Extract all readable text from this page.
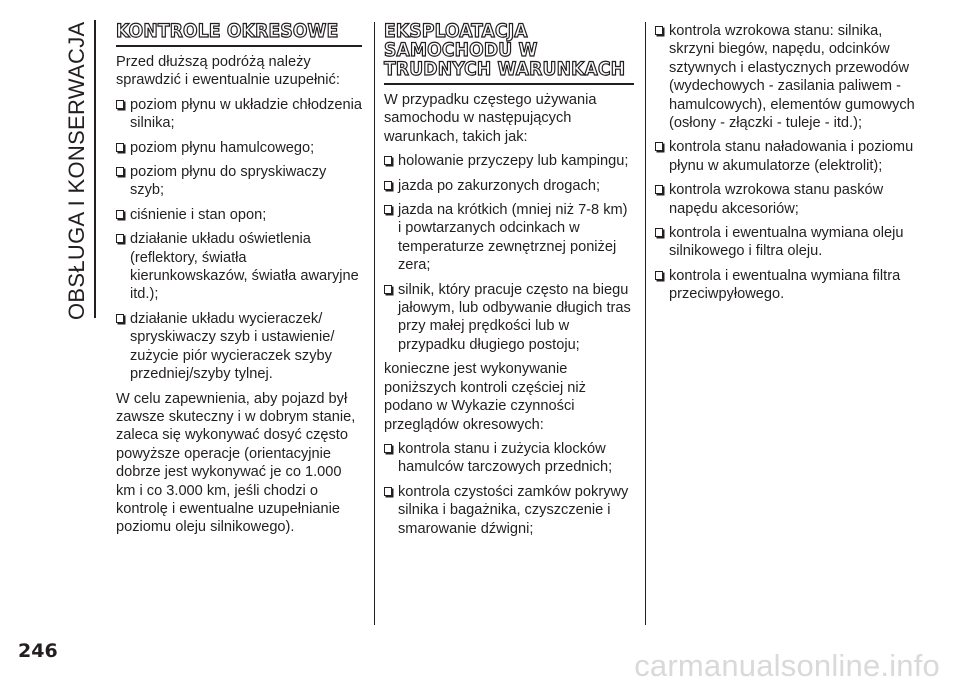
OBSŁUGA I KONSERWACJA KONTROLE OKRESOWE

Przed dłuższą podróżą należy sprawdzić i ewentualnie uzupełnić:

poziom płynu w układzie chłodzenia silnika;
poziom płynu hamulcowego;
poziom płynu do spryskiwaczy szyb;
ciśnienie i stan opon;
działanie układu oświetlenia (reflektory, światła kierunkowskazów, światła awaryjne itd.);
działanie układu wycieraczek/ spryskiwaczy szyb i ustawienie/ zużycie piór wycieraczek szyby przedniej/szyby tylnej.

W celu zapewnienia, aby pojazd był zawsze skuteczny i w dobrym stanie, zaleca się wykonywać dosyć często powyższe operacje (orientacyjnie dobrze jest wykonywać je co 1.000 km i co 3.000 km, jeśli chodzi o kontrolę i ewentualne uzupełnianie poziomu oleju silnikowego).

EKSPLOATACJA SAMOCHODU W TRUDNYCH WARUNKACH

W przypadku częstego używania samochodu w następujących warunkach, takich jak:

holowanie przyczepy lub kampingu;
jazda po zakurzonych drogach;
jazda na krótkich (mniej niż 7-8 km) i powtarzanych odcinkach w temperaturze zewnętrznej poniżej zera;
silnik, który pracuje często na biegu jałowym, lub odbywanie długich tras przy małej prędkości lub w przypadku długiego postoju;

konieczne jest wykonywanie poniższych kontroli częściej niż podano w Wykazie czynności przeglądów okresowych:

kontrola stanu i zużycia klocków hamulców tarczowych przednich;
kontrola czystości zamków pokrywy silnika i bagażnika, czyszczenie i smarowanie dźwigni;
kontrola wzrokowa stanu: silnika, skrzyni biegów, napędu, odcinków sztywnych i elastycznych przewodów (wydechowych - zasilania paliwem - hamulcowych), elementów gumowych (osłony - złączki - tuleje - itd.);
kontrola stanu naładowania i poziomu płynu w akumulatorze (elektrolit);
kontrola wzrokowa stanu pasków napędu akcesoriów;
kontrola i ewentualna wymiana oleju silnikowego i filtra oleju.
kontrola i ewentualna wymiana filtra przeciwpyłowego.
246	carmanualsonline.info
